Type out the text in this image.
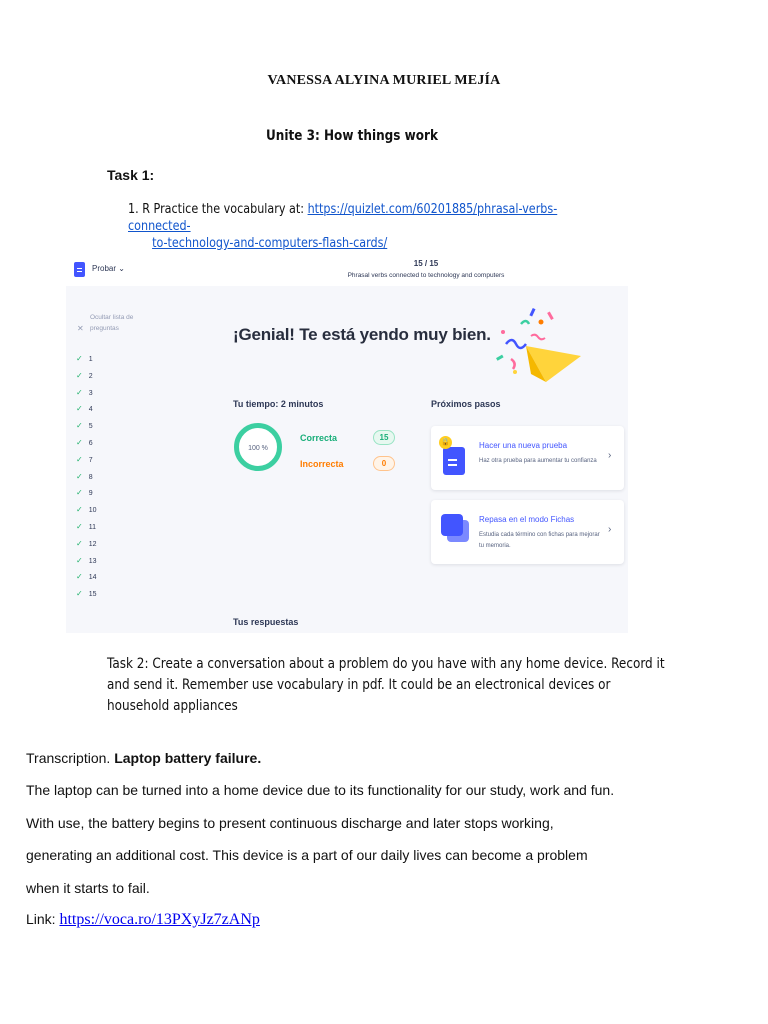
VANESSA ALYINA MURIEL MEJÍA
Unite 3: How things work
Task 1:
1. R Practice the vocabulary at: https://quizlet.com/60201885/phrasal-verbs-connected-
to-technology-and-computers-flash-cards/
Probar ⌄
15 / 15
Phrasal verbs connected to technology and computers
✕
Ocultar lista de preguntas
✓ 1
✓ 2
✓ 3
✓ 4
✓ 5
✓ 6
✓ 7
✓ 8
✓ 9
✓ 10
✓ 11
✓ 12
✓ 13
✓ 14
✓ 15
¡Genial! Te está yendo muy bien.
Tu tiempo: 2 minutos	Próximos pasos
100 %
Correcta	15
Incorrecta	0
🔒	Hacer una nueva prueba
Haz otra prueba para aumentar tu confianza	›
Repasa en el modo Fichas
Estudia cada término con fichas para mejorar tu memoria.
›
Tus respuestas
Task 2: Create a conversation about a problem do you have with any home device. Record it and send it. Remember use vocabulary in pdf. It could be an electronical devices or household appliances
Transcription. Laptop battery failure.
The laptop can be turned into a home device due to its functionality for our study, work and fun.
With use, the battery begins to present continuous discharge and later stops working,
generating an additional cost. This device is a part of our daily lives can become a problem
when it starts to fail.
Link: https://voca.ro/13PXyJz7zANp
